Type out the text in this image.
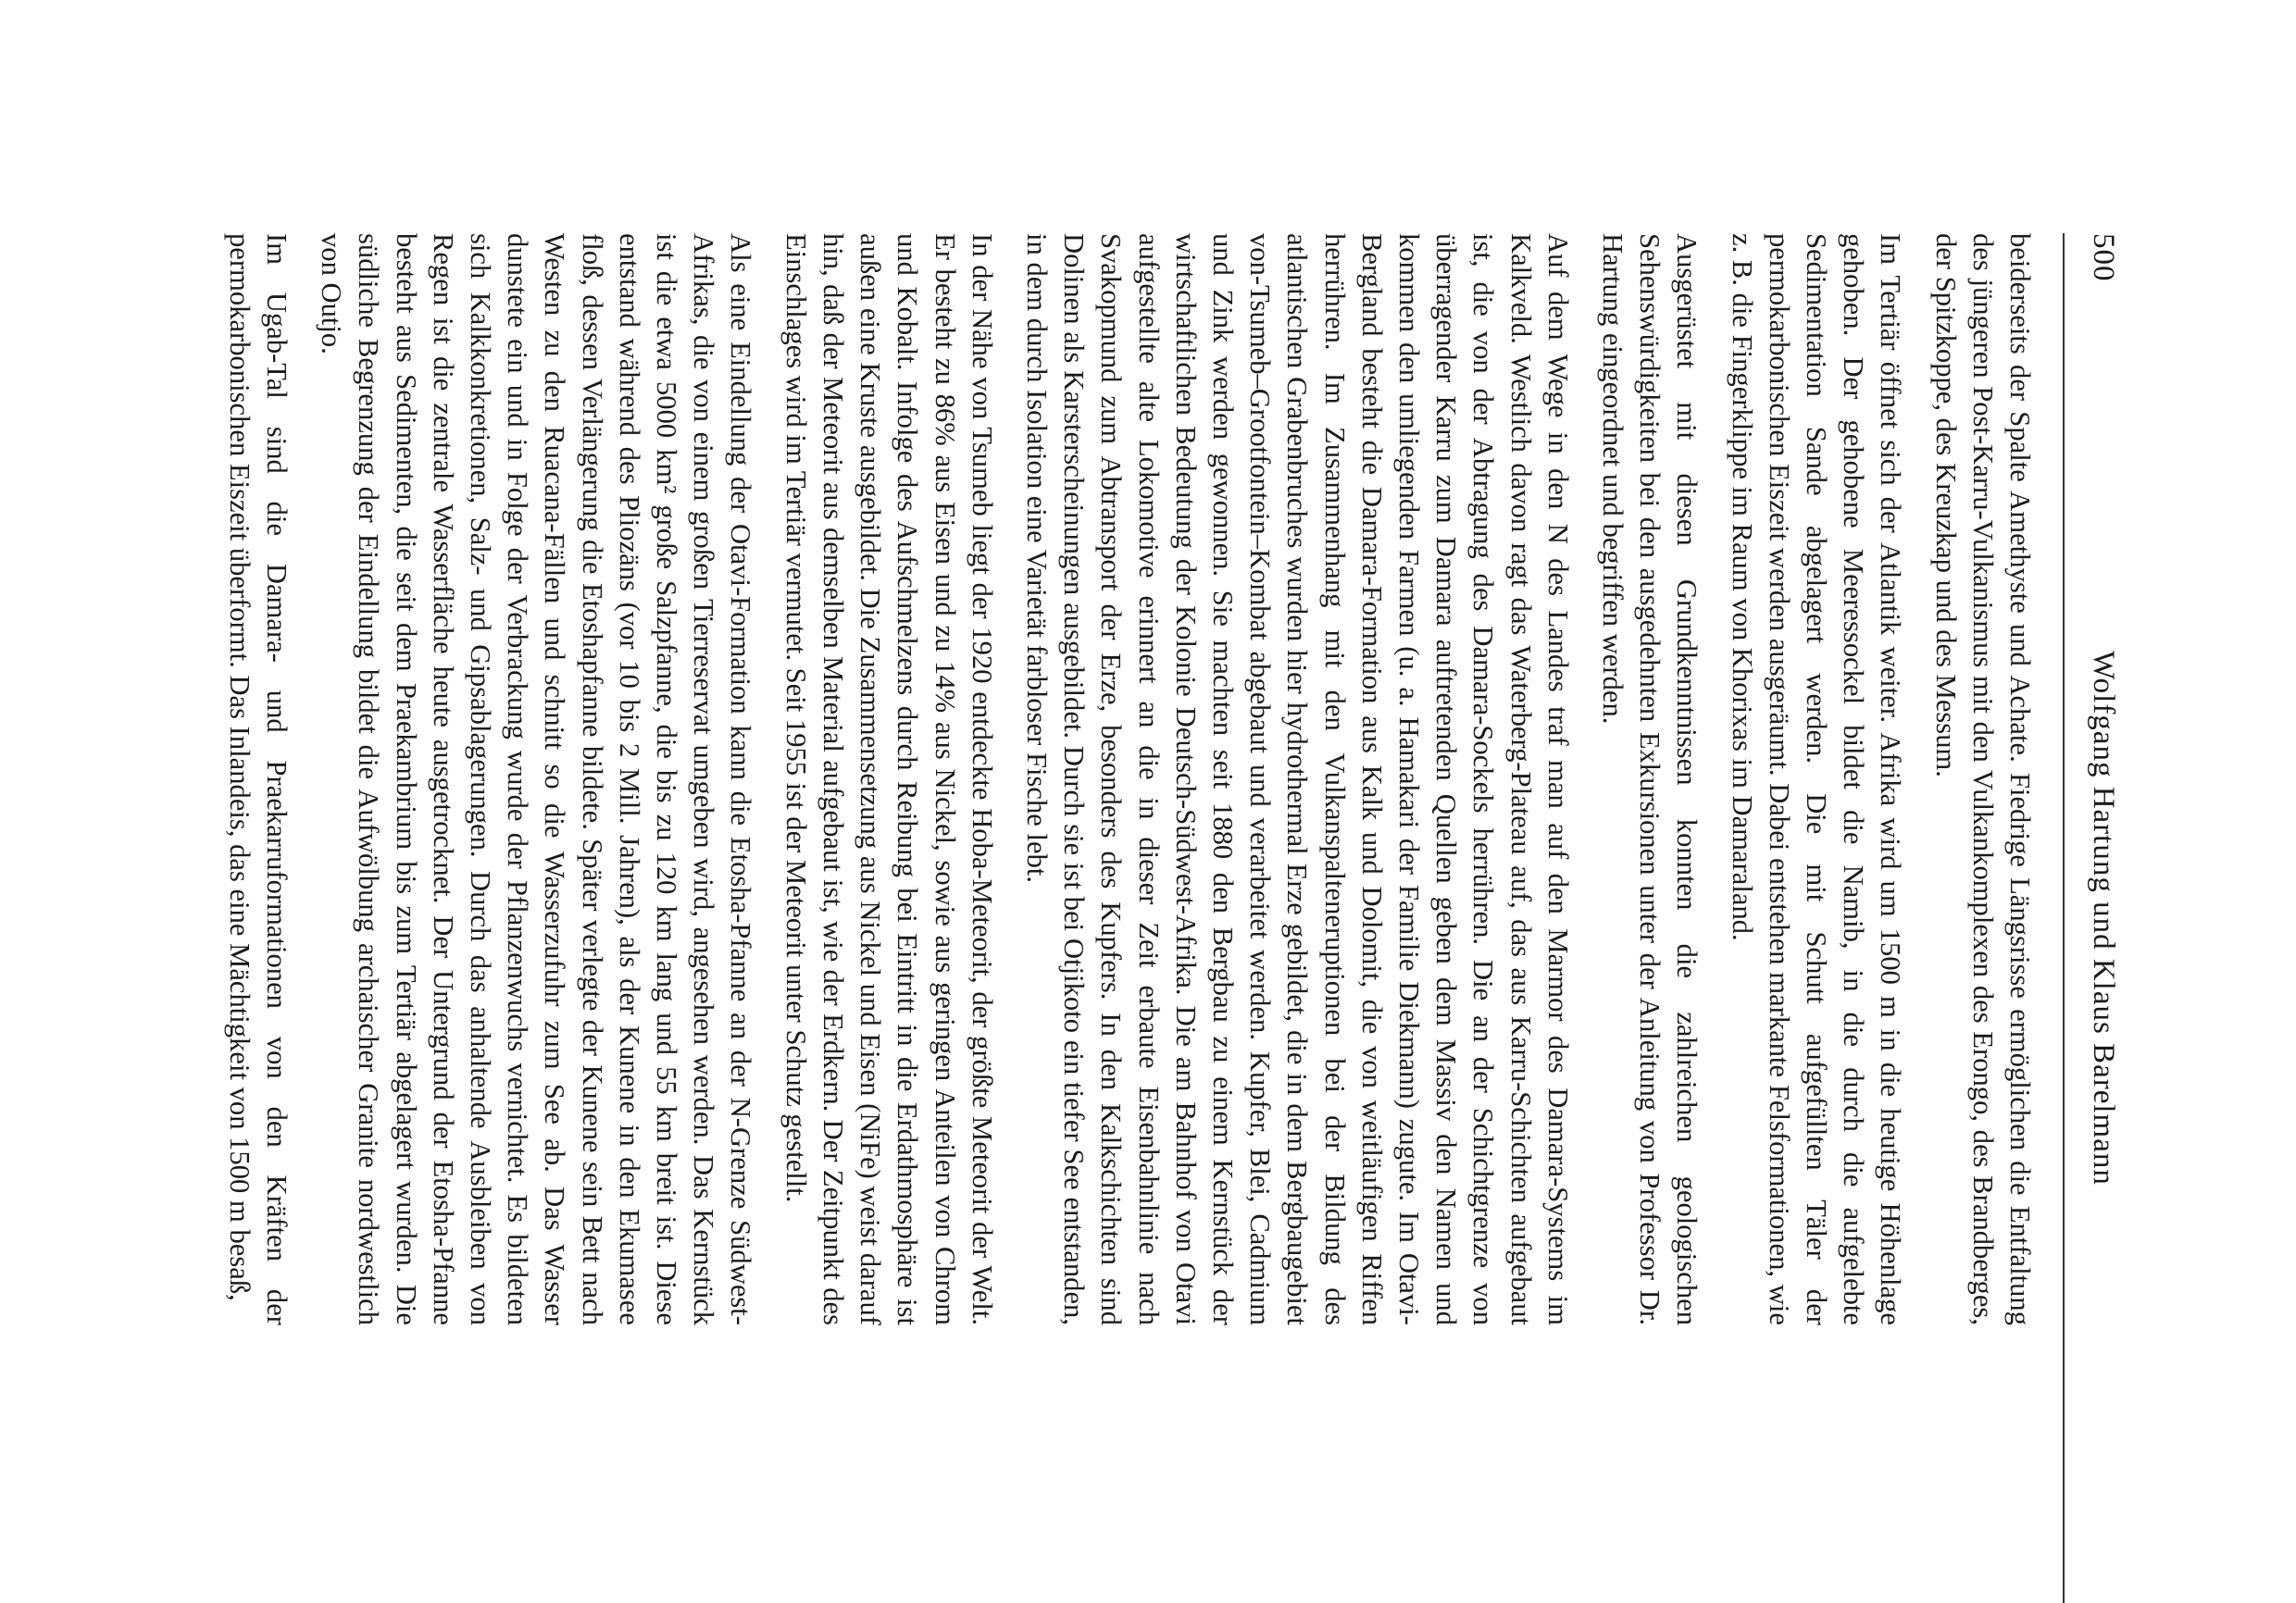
500
Wolfgang Hartung und Klaus Barelmann

beiderseits der Spalte Amethyste und Achate. Fiedrige Längsrisse ermöglichen die Entfaltung des jüngeren Post-Karru-Vulkanismus mit den Vulkankomplexen des Erongo, des Brandberges, der Spitzkoppe, des Kreuzkap und des Messum.

Im Tertiär öffnet sich der Atlantik weiter. Afrika wird um 1500 m in die heutige Höhenlage gehoben. Der gehobene Meeressockel bildet die Namib, in die durch die aufgelebte Sedimentation Sande abgelagert werden. Die mit Schutt aufgefüllten Täler der permokarbonischen Eiszeit werden ausgeräumt. Dabei entstehen markante Felsformationen, wie z. B. die Fingerklippe im Raum von Khorixas im Damaraland.

Ausgerüstet mit diesen Grundkenntnissen konnten die zahlreichen geologischen Sehenswürdigkeiten bei den ausgedehnten Exkursionen unter der Anleitung von Professor Dr. Hartung eingeordnet und begriffen werden.

Auf dem Wege in den N des Landes traf man auf den Marmor des Damara-Systems im Kalkveld. Westlich davon ragt das Waterberg-Plateau auf, das aus Karru-Schichten aufgebaut ist, die von der Abtragung des Damara-Sockels herrühren. Die an der Schichtgrenze von überragender Karru zum Damara auftretenden Quellen geben dem Massiv den Namen und kommen den umliegenden Farmen (u. a. Hamakari der Familie Diekmann) zugute. Im Otavi-Bergland besteht die Damara-Formation aus Kalk und Dolomit, die von weitläufigen Riffen herrühren. Im Zusammenhang mit den Vulkanspalteneruptionen bei der Bildung des atlantischen Grabenbruches wurden hier hydrothermal Erze gebildet, die in dem Bergbaugebiet von-Tsumeb–Grootfontein–Kombat abgebaut und verarbeitet werden. Kupfer, Blei, Cadmium und Zink werden gewonnen. Sie machten seit 1880 den Bergbau zu einem Kernstück der wirtschaftlichen Bedeutung der Kolonie Deutsch-Südwest-Afrika. Die am Bahnhof von Otavi aufgestellte alte Lokomotive erinnert an die in dieser Zeit erbaute Eisenbahnlinie nach Svakopmund zum Abtransport der Erze, besonders des Kupfers. In den Kalkschichten sind Dolinen als Karsterscheinungen ausgebildet. Durch sie ist bei Otjikoto ein tiefer See entstanden, in dem durch Isolation eine Varietät farbloser Fische lebt.

In der Nähe von Tsumeb liegt der 1920 entdeckte Hoba-Meteorit, der größte Meteorit der Welt. Er besteht zu 86% aus Eisen und zu 14% aus Nickel, sowie aus geringen Anteilen von Chrom und Kobalt. Infolge des Aufschmelzens durch Reibung bei Eintritt in die Erdathmosphäre ist außen eine Kruste ausgebildet. Die Zusammensetzung aus Nickel und Eisen (NiFe) weist darauf hin, daß der Meteorit aus demselben Material aufgebaut ist, wie der Erdkern. Der Zeitpunkt des Einschlages wird im Tertiär vermutet. Seit 1955 ist der Meteorit unter Schutz gestellt.

Als eine Eindellung der Otavi-Formation kann die Etosha-Pfanne an der N-Grenze Südwest-Afrikas, die von einem großen Tierreservat umgeben wird, angesehen werden. Das Kernstück ist die etwa 5000 km² große Salzpfanne, die bis zu 120 km lang und 55 km breit ist. Diese entstand während des Pliozäns (vor 10 bis 2 Mill. Jahren), als der Kunene in den Ekumasee floß, dessen Verlängerung die Etoshapfanne bildete. Später verlegte der Kunene sein Bett nach Westen zu den Ruacana-Fällen und schnitt so die Wasserzufuhr zum See ab. Das Wasser dunstete ein und in Folge der Verbrackung wurde der Pflanzenwuchs vernichtet. Es bildeten sich Kalkkonkretionen, Salz- und Gipsablagerungen. Durch das anhaltende Ausbleiben von Regen ist die zentrale Wasserfläche heute ausgetrocknet. Der Untergrund der Etosha-Pfanne besteht aus Sedimenten, die seit dem Praekambrium bis zum Tertiär abgelagert wurden. Die südliche Begrenzung der Eindellung bildet die Aufwölbung archaischer Granite nordwestlich von Outjo.

Im Ugab-Tal sind die Damara- und Praekarruformationen von den Kräften der permokarbonischen Eiszeit überformt. Das Inlandeis, das eine Mächtigkeit von 1500 m besaß,
